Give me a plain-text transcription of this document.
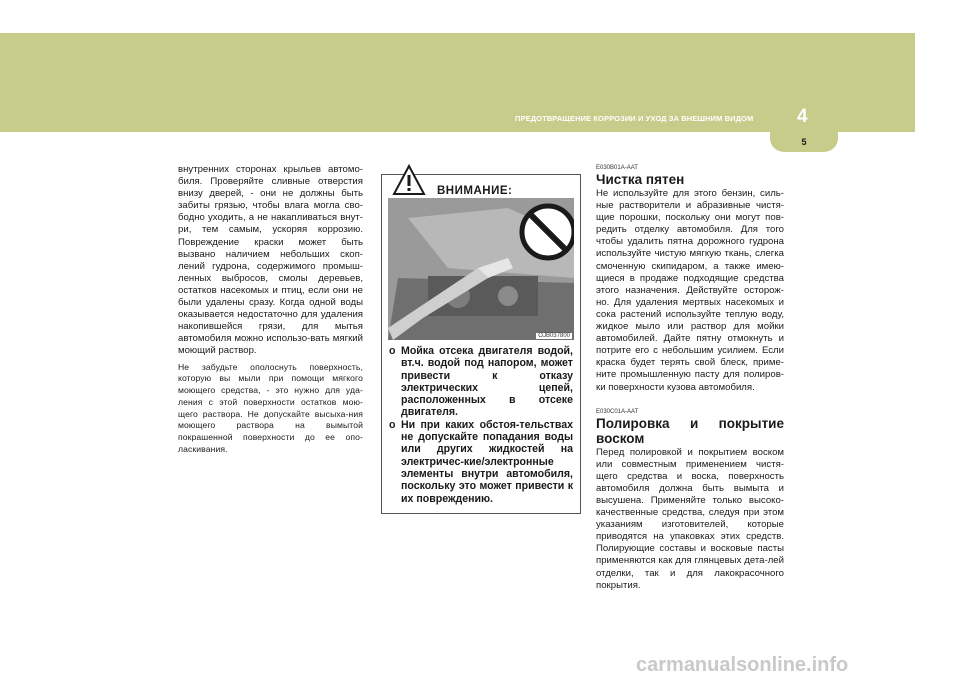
ПРЕДОТВРАЩЕНИЕ КОРРОЗИИ И УХОД ЗА ВНЕШНИМ ВИДОМ 4
5

внутренних сторонах крыльев автомо-биля. Проверяйте сливные отверстия внизу дверей, - они не должны быть забиты грязью, чтобы влага могла сво-бодно уходить, а не накапливаться внут-ри, тем самым, ускоряя коррозию. Повреждение краски может быть вызвано наличием небольших скоп-лений гудрона, содержимого промыш-ленных выбросов, смолы деревьев, остатков насекомых и птиц, если они не были удалены сразу. Когда одной воды оказывается недостаточно для удаления накопившейся грязи, для мытья автомобиля можно использо-вать мягкий моющий раствор.

Не забудьте ополоснуть поверхность, которую вы мыли при помощи мягкого моющего средства, - это нужно для уда-ления с этой поверхности остатков мою-щего раствора. Не допускайте высыха-ния моющего раствора на вымытой покрашенной поверхности до ее опо-ласкивания.

ВНИМАНИЕ:
OJB037800
o Мойка отсека двигателя водой, вт.ч. водой под напором, может привести к отказу электрических цепей, расположенных в отсеке двигателя.
o Ни при каких обстоя-тельствах не допускайте попадания воды или других жидкостей на электричес-кие/электронные элементы внутри автомобиля, поскольку это может привести к их повреждению.

E030B01A-AAT

Чистка пятен

Не используйте для этого бензин, силь-ные растворители и абразивные чистя-щие порошки, поскольку они могут пов-редить отделку автомобиля. Для того чтобы удалить пятна дорожного гудрона используйте чистую мягкую ткань, слегка смоченную скипидаром, а также имею-щиеся в продаже подходящие средства этого назначения. Действуйте осторож-но. Для удаления мертвых насекомых и сока растений используйте теплую воду, жидкое мыло или раствор для мойки автомобилей. Дайте пятну отмокнуть и потрите его с небольшим усилием. Если краска будет терять свой блеск, приме-ните промышленную пасту для полиров-ки поверхности кузова автомобиля.

E030C01A-AAT

Полировка и покрытие воском

Перед полировкой и покрытием воском или совместным применением чистя-щего средства и воска, поверхность автомобиля должна быть вымыта и высушена. Применяйте только высоко-качественные средства, следуя при этом указаниям изготовителей, которые приводятся на упаковках этих средств. Полирующие составы и восковые пасты применяются как для глянцевых дета-лей отделки, так и для лакокрасочного покрытия.

carmanualsonline.info
